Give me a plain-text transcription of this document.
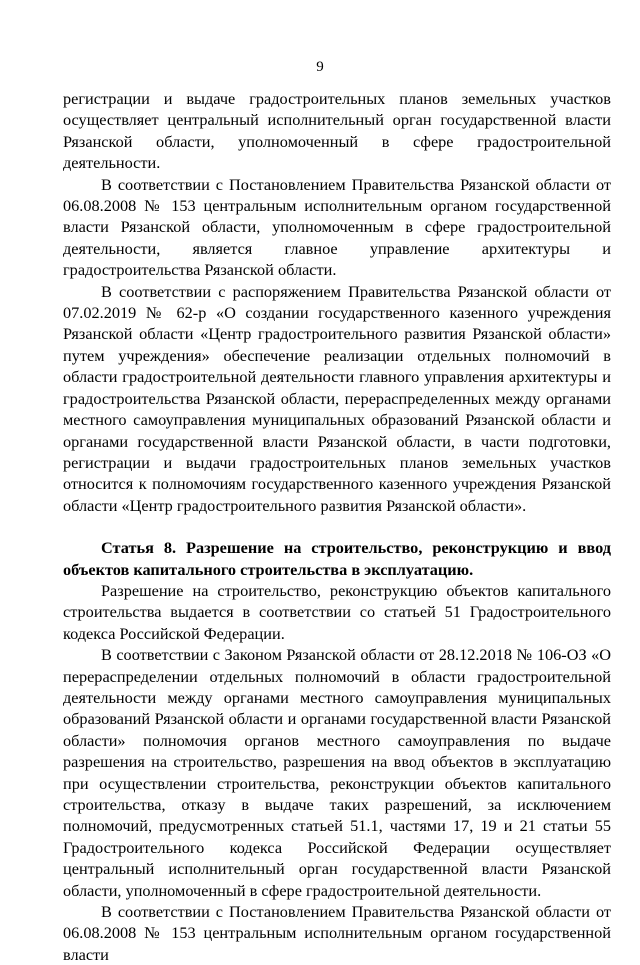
9

регистрации и выдаче градостроительных планов земельных участков осуществляет центральный исполнительный орган государственной власти Рязанской области, уполномоченный в сфере градостроительной деятельности.

В соответствии с Постановлением Правительства Рязанской области от 06.08.2008 № 153 центральным исполнительным органом государственной власти Рязанской области, уполномоченным в сфере градостроительной деятельности, является главное управление архитектуры и градостроительства Рязанской области.

В соответствии с распоряжением Правительства Рязанской области от 07.02.2019 № 62-р «О создании государственного казенного учреждения Рязанской области «Центр градостроительного развития Рязанской области» путем учреждения» обеспечение реализации отдельных полномочий в области градостроительной деятельности главного управления архитектуры и градостроительства Рязанской области, перераспределенных между органами местного самоуправления муниципальных образований Рязанской области и органами государственной власти Рязанской области, в части подготовки, регистрации и выдачи градостроительных планов земельных участков относится к полномочиям государственного казенного учреждения Рязанской области «Центр градостроительного развития Рязанской области».

Статья 8. Разрешение на строительство, реконструкцию и ввод объектов капитального строительства в эксплуатацию.

Разрешение на строительство, реконструкцию объектов капитального строительства выдается в соответствии со статьей 51 Градостроительного кодекса Российской Федерации.

В соответствии с Законом Рязанской области от 28.12.2018 № 106-ОЗ «О перераспределении отдельных полномочий в области градостроительной деятельности между органами местного самоуправления муниципальных образований Рязанской области и органами государственной власти Рязанской области» полномочия органов местного самоуправления по выдаче разрешения на строительство, разрешения на ввод объектов в эксплуатацию при осуществлении строительства, реконструкции объектов капитального строительства, отказу в выдаче таких разрешений, за исключением полномочий, предусмотренных статьей 51.1, частями 17, 19 и 21 статьи 55 Градостроительного кодекса Российской Федерации осуществляет центральный исполнительный орган государственной власти Рязанской области, уполномоченный в сфере градостроительной деятельности.

В соответствии с Постановлением Правительства Рязанской области от 06.08.2008 № 153 центральным исполнительным органом государственной власти
